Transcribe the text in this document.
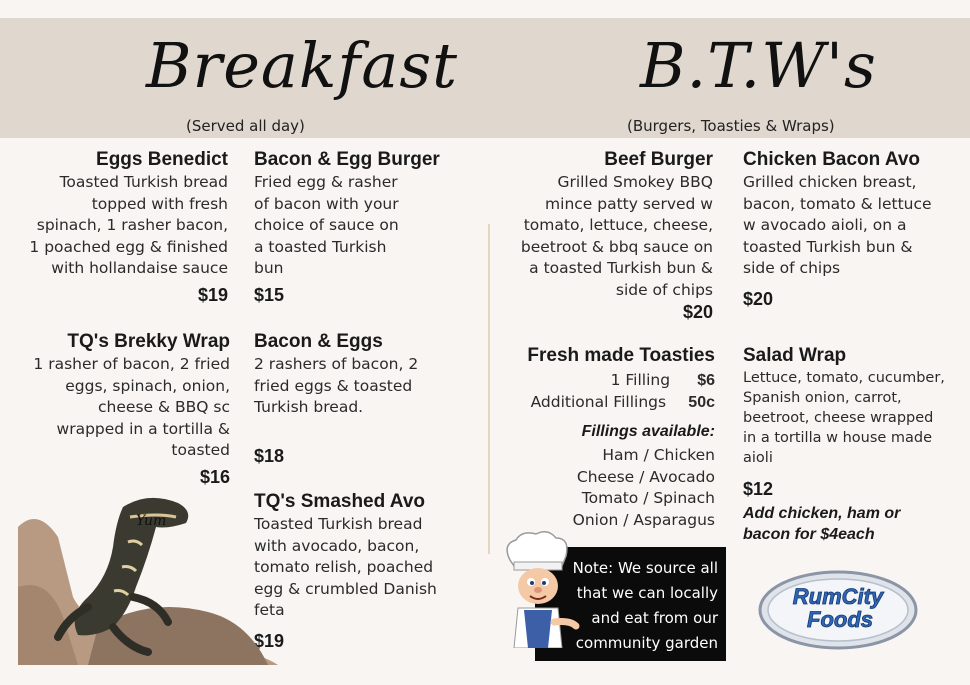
Breakfast
(Served all day)
B.T.W's
(Burgers, Toasties & Wraps)
Eggs Benedict
Toasted Turkish bread
topped with fresh
spinach, 1 rasher bacon,
1 poached egg & finished
with hollandaise sauce
$19
Bacon & Egg Burger
Fried egg & rasher
of bacon with your
choice of sauce on
a toasted Turkish
bun
$15
TQ's Brekky Wrap
1 rasher of bacon, 2 fried
eggs, spinach, onion,
cheese & BBQ sc
wrapped in a tortilla &
toasted
$16
Bacon & Eggs
2 rashers of bacon, 2
fried eggs & toasted
Turkish bread.
$18
TQ's Smashed Avo
Toasted Turkish bread
with avocado, bacon,
tomato relish, poached
egg & crumbled Danish
feta
$19
Yum
Beef Burger
Grilled Smokey BBQ
mince patty served w
tomato, lettuce, cheese,
beetroot & bbq sauce on
a toasted Turkish bun &
side of chips
$20
Chicken Bacon Avo
Grilled chicken breast,
bacon, tomato & lettuce
w avocado aioli, on a
toasted Turkish bun &
side of chips
$20
Fresh made Toasties
1 Filling $6
Additional Fillings 50c
Fillings available:
Ham / Chicken
Cheese / Avocado
Tomato / Spinach
Onion / Asparagus
Salad Wrap
Lettuce, tomato, cucumber,
Spanish onion, carrot,
beetroot, cheese wrapped
in a tortilla w house made
aioli
$12
Add chicken, ham or
bacon for $4each
Note: We source all
that we can locally
and eat from our
community garden
RumCity
Foods
